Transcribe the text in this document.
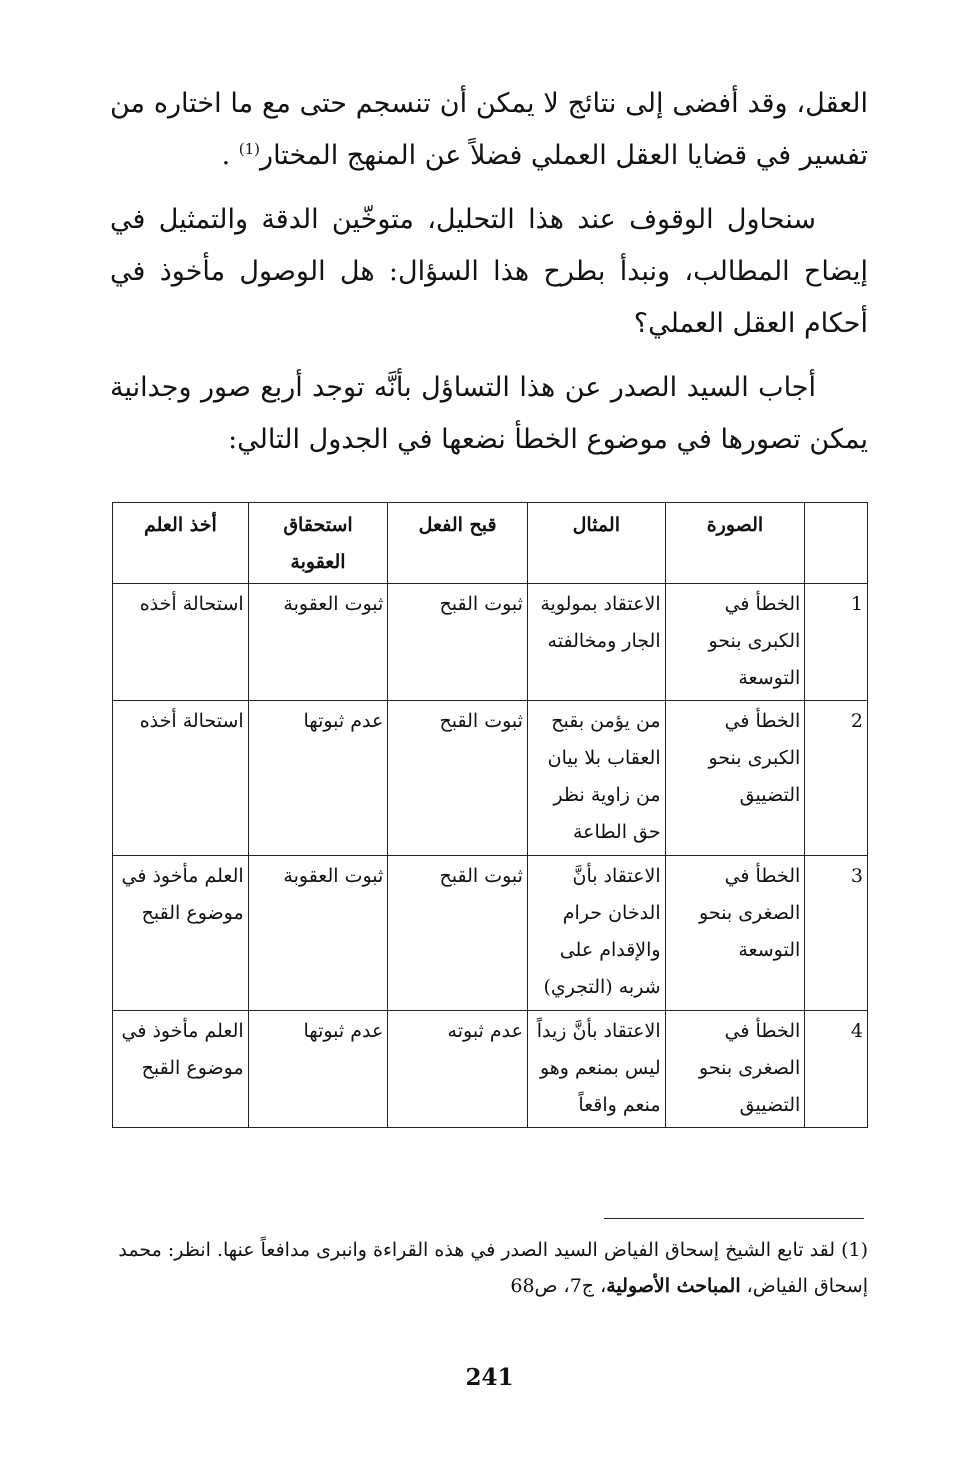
العقل، وقد أفضى إلى نتائج لا يمكن أن تنسجم حتى مع ما اختاره من تفسير في قضايا العقل العملي فضلاً عن المنهج المختار$^{(1)}$ .

سنحاول الوقوف عند هذا التحليل، متوخّين الدقة والتمثيل في إيضاح المطالب، ونبدأ بطرح هذا السؤال: هل الوصول مأخوذ في أحكام العقل العملي؟

أجاب السيد الصدر عن هذا التساؤل بأنَّه توجد أربع صور وجدانية يمكن تصورها في موضوع الخطأ نضعها في الجدول التالي:

	الصورة	المثال	قبح الفعل	استحقاق العقوبة	أخذ العلم
1	الخطأ في الكبرى بنحو التوسعة	الاعتقاد بمولوية الجار ومخالفته	ثبوت القبح	ثبوت العقوبة	استحالة أخذه
2	الخطأ في الكبرى بنحو التضييق	من يؤمن بقبح العقاب بلا بيان من زاوية نظر حق الطاعة	ثبوت القبح	عدم ثبوتها	استحالة أخذه
3	الخطأ في الصغرى بنحو التوسعة	الاعتقاد بأنَّ الدخان حرام والإقدام على شربه (التجري)	ثبوت القبح	ثبوت العقوبة	العلم مأخوذ في موضوع القبح
4	الخطأ في الصغرى بنحو التضييق	الاعتقاد بأنَّ زيداً ليس بمنعم وهو منعم واقعاً	عدم ثبوته	عدم ثبوتها	العلم مأخوذ في موضوع القبح

(1) لقد تابع الشيخ إسحاق الفياض السيد الصدر في هذه القراءة وانبرى مدافعاً عنها. انظر: محمد إسحاق الفياض، المباحث الأصولية، ج7، ص68

241
